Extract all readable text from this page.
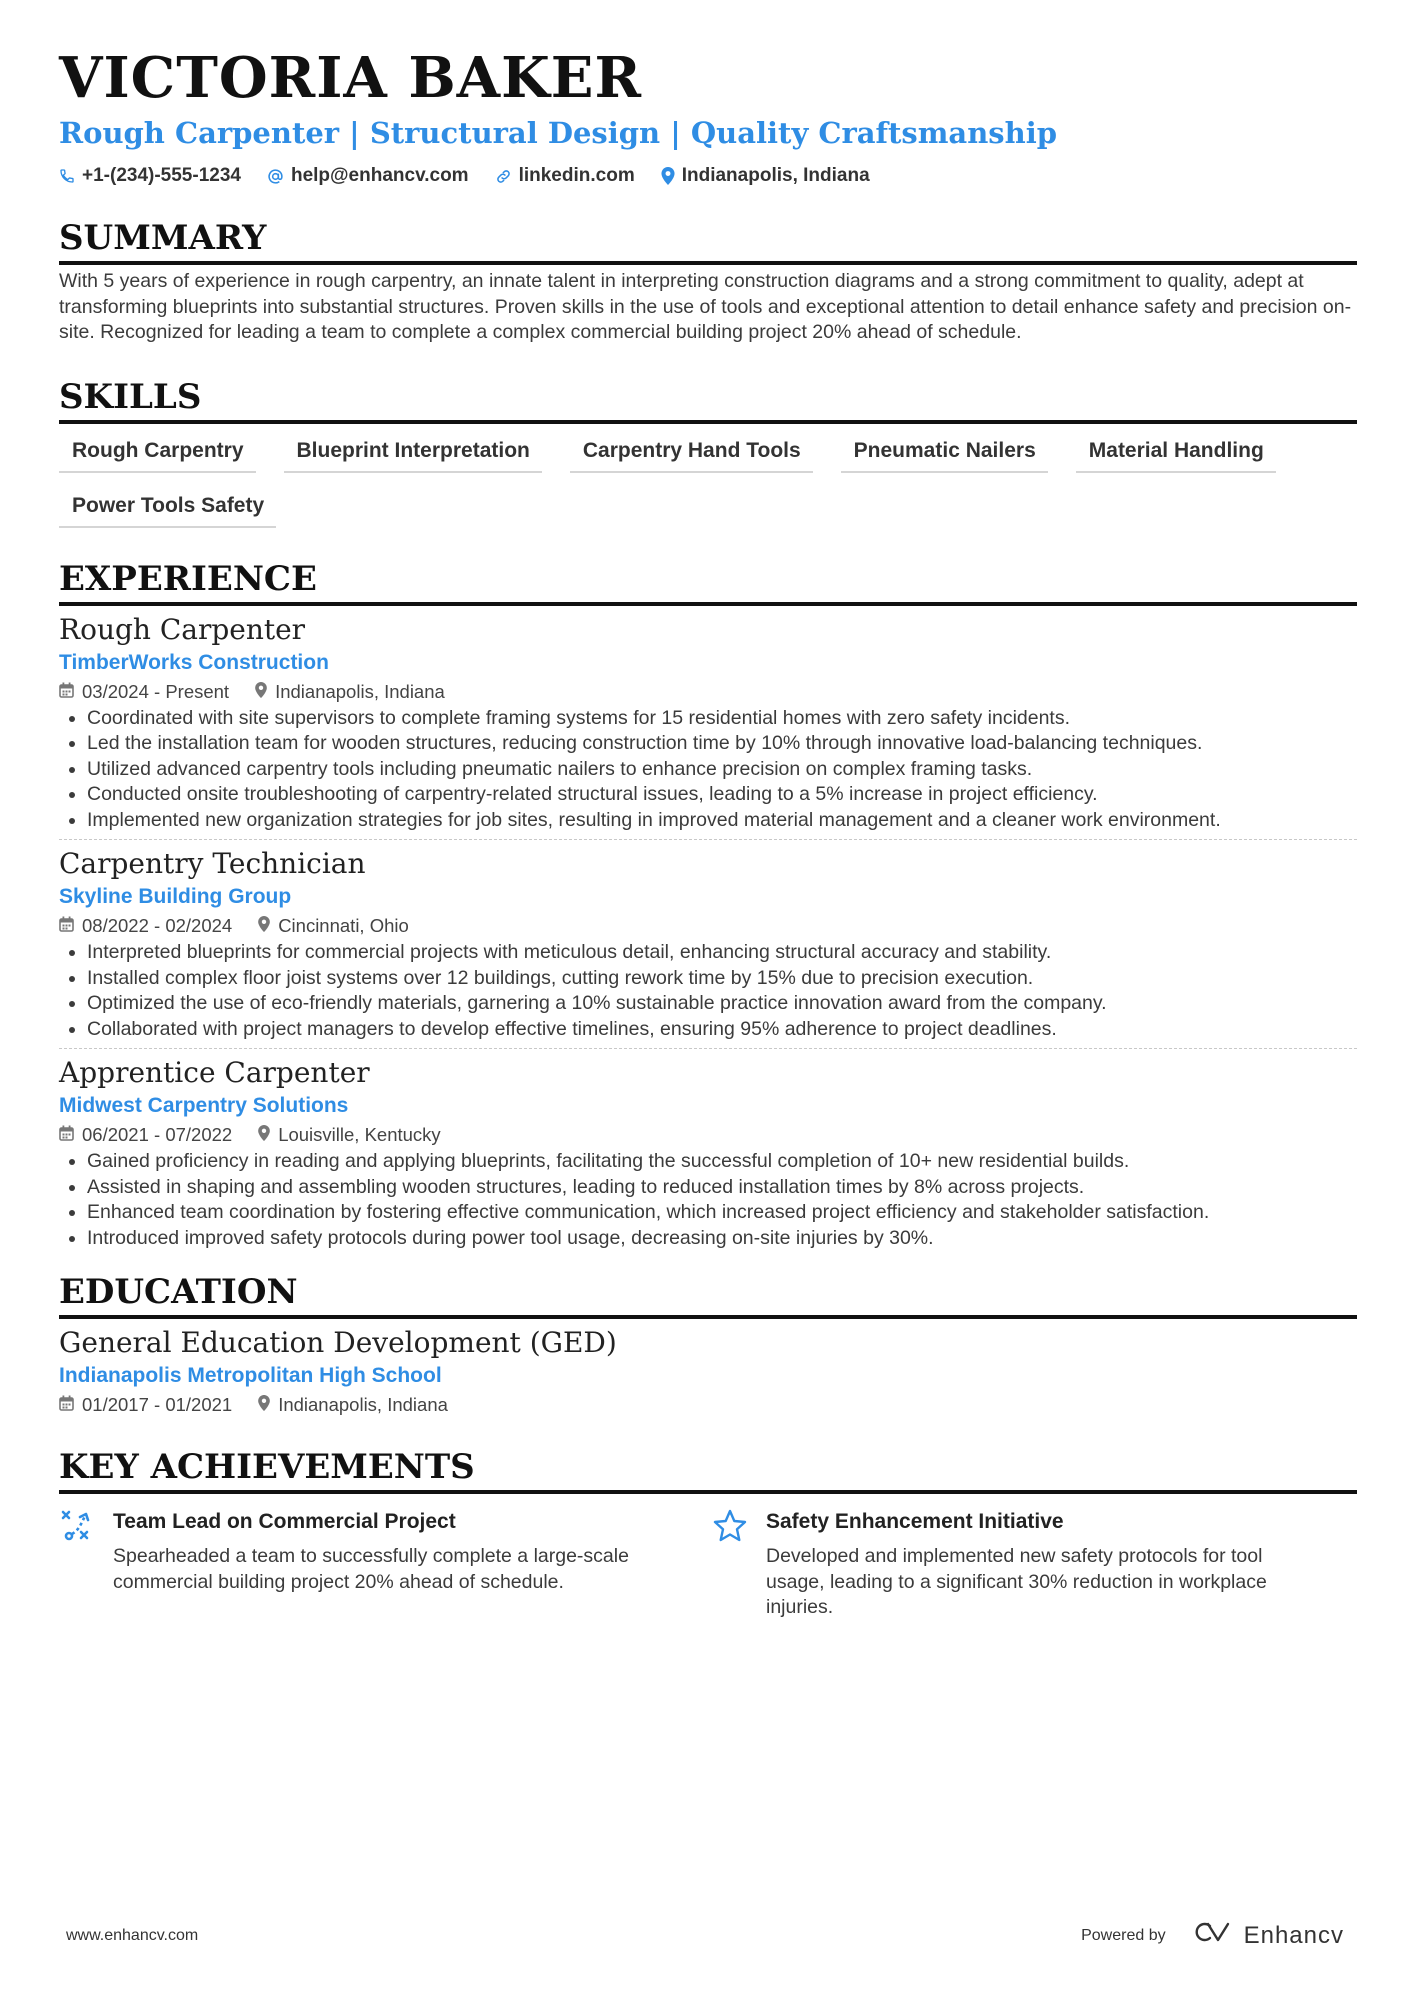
VICTORIA BAKER
Rough Carpenter | Structural Design | Quality Craftsmanship
+1-(234)-555-1234	help@enhancv.com	linkedin.com Indianapolis, Indiana
SUMMARY
With 5 years of experience in rough carpentry, an innate talent in interpreting construction diagrams and a strong commitment to quality, adept at transforming blueprints into substantial structures. Proven skills in the use of tools and exceptional attention to detail enhance safety and precision on-site. Recognized for leading a team to complete a complex commercial building project 20% ahead of schedule.
SKILLS
Rough Carpentry	Blueprint Interpretation	Carpentry Hand Tools	Pneumatic Nailers	Material Handling
Power Tools Safety
EXPERIENCE
Rough Carpenter
TimberWorks Construction
03/2024 - Present Indianapolis, Indiana
• Coordinated with site supervisors to complete framing systems for 15 residential homes with zero safety incidents.
• Led the installation team for wooden structures, reducing construction time by 10% through innovative load-balancing techniques.
• Utilized advanced carpentry tools including pneumatic nailers to enhance precision on complex framing tasks.
• Conducted onsite troubleshooting of carpentry-related structural issues, leading to a 5% increase in project efficiency.
• Implemented new organization strategies for job sites, resulting in improved material management and a cleaner work environment.
Carpentry Technician
Skyline Building Group
08/2022 - 02/2024 Cincinnati, Ohio
• Interpreted blueprints for commercial projects with meticulous detail, enhancing structural accuracy and stability.
• Installed complex floor joist systems over 12 buildings, cutting rework time by 15% due to precision execution.
• Optimized the use of eco-friendly materials, garnering a 10% sustainable practice innovation award from the company.
• Collaborated with project managers to develop effective timelines, ensuring 95% adherence to project deadlines.
Apprentice Carpenter
Midwest Carpentry Solutions
06/2021 - 07/2022 Louisville, Kentucky
• Gained proficiency in reading and applying blueprints, facilitating the successful completion of 10+ new residential builds.
• Assisted in shaping and assembling wooden structures, leading to reduced installation times by 8% across projects.
• Enhanced team coordination by fostering effective communication, which increased project efficiency and stakeholder satisfaction.
• Introduced improved safety protocols during power tool usage, decreasing on-site injuries by 30%.
EDUCATION
General Education Development (GED)
Indianapolis Metropolitan High School
01/2017 - 01/2021 Indianapolis, Indiana
KEY ACHIEVEMENTS
Team Lead on Commercial Project
Spearheaded a team to successfully complete a large-scale commercial building project 20% ahead of schedule.
Safety Enhancement Initiative
Developed and implemented new safety protocols for tool usage, leading to a significant 30% reduction in workplace injuries.
www.enhancv.com	Powered by	Enhancv
